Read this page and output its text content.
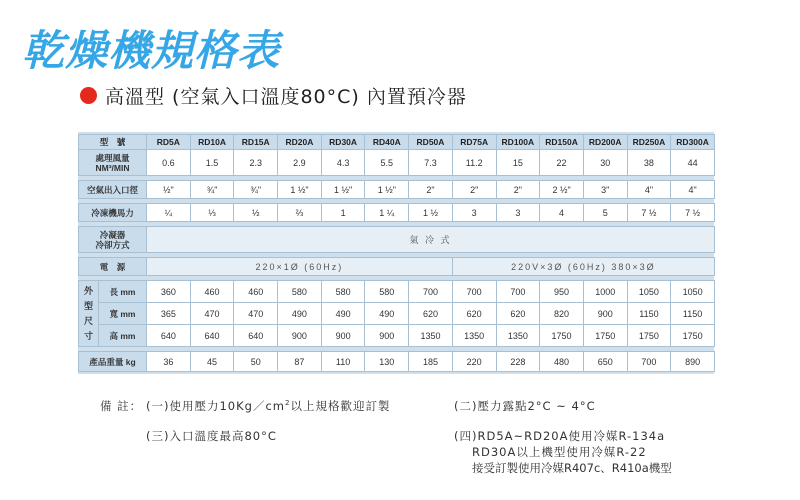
乾燥機規格表
高溫型 (空氣入口溫度80°C) 內置預冷器
型　號		RD5A	RD10A	RD15A	RD20A	RD30A	RD40A	RD50A	RD75A	RD100A	RD150A	RD200A	RD250A	RD300A

處理風量
NM³/MIN		0.6	1.5	2.3	2.9	4.3	5.5	7.3	11.2	15	22	30	38	44

空氣出入口徑		½"	¾"	¾"	1 ½"	1 ½"	1 ½"	2"	2"	2"	2 ½"	3"	4"	4"

冷凍機馬力		¼	⅓	½	⅔	1	1 ¼	1 ½	3	3	4	5	7 ½	7 ½

冷凝器
冷卻方式		氣 冷 式												

電　源		220×1Ø (60Hz)							220V×3Ø (60Hz) 380×3Ø					

外
型
尺
寸	長 mm	360	460	460	580	580	580	700	700	700	950	1000	1050	1050
	寬 mm	365	470	470	490	490	490	620	620	620	820	900	1150	1150
	高 mm	640	640	640	900	900	900	1350	1350	1350	1750	1750	1750	1750

產品重量 kg		36	45	50	87	110	130	185	220	228	480	650	700	890
備 註： (一)使用壓力$10Kg/cm^2$以上規格歡迎訂製	(二)壓力露點2°C ~ 4°C
(三)入口溫度最高80°C	(四)RD5A~RD20A使用冷媒R-134a
RD30A以上機型使用冷媒R-22
接受訂製使用冷媒R407c、R410a機型
